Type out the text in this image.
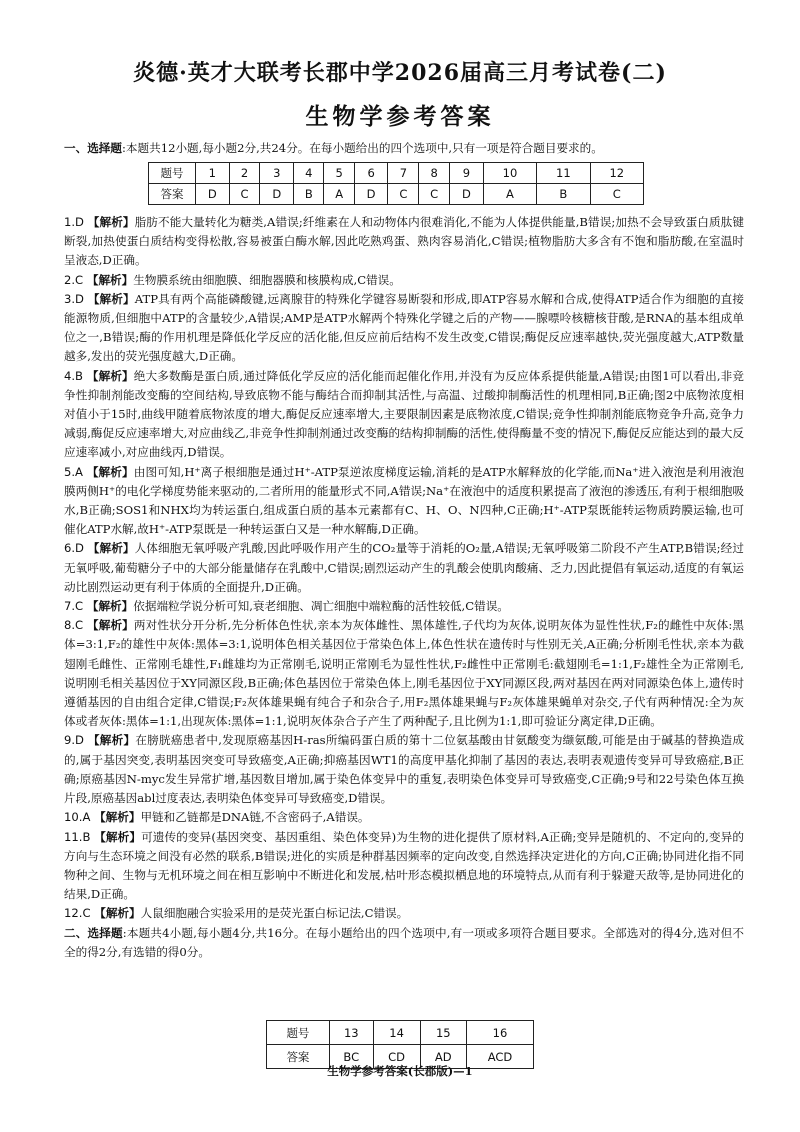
炎德·英才大联考长郡中学2026届高三月考试卷(二)
生物学参考答案
一、选择题:本题共12小题,每小题2分,共24分。在每小题给出的四个选项中,只有一项是符合题目要求的。
题号	1	2	3	4	5	6	7	8	9	10	11	12
答案	D	C	D	B	A	D	C	C	D	A	B	C

1.D 【解析】脂肪不能大量转化为糖类,A错误;纤维素在人和动物体内很难消化,不能为人体提供能量,B错误;加热不会导致蛋白质肽键断裂,加热使蛋白质结构变得松散,容易被蛋白酶水解,因此吃熟鸡蛋、熟肉容易消化,C错误;植物脂肪大多含有不饱和脂肪酸,在室温时呈液态,D正确。

2.C 【解析】生物膜系统由细胞膜、细胞器膜和核膜构成,C错误。

3.D 【解析】ATP具有两个高能磷酸键,远离腺苷的特殊化学键容易断裂和形成,即ATP容易水解和合成,使得ATP适合作为细胞的直接能源物质,但细胞中ATP的含量较少,A错误;AMP是ATP水解两个特殊化学键之后的产物——腺嘌呤核糖核苷酸,是RNA的基本组成单位之一,B错误;酶的作用机理是降低化学反应的活化能,但反应前后结构不发生改变,C错误;酶促反应速率越快,荧光强度越大,ATP数量越多,发出的荧光强度越大,D正确。

4.B 【解析】绝大多数酶是蛋白质,通过降低化学反应的活化能而起催化作用,并没有为反应体系提供能量,A错误;由图1可以看出,非竞争性抑制剂能改变酶的空间结构,导致底物不能与酶结合而抑制其活性,与高温、过酸抑制酶活性的机理相同,B正确;图2中底物浓度相对值小于15时,曲线甲随着底物浓度的增大,酶促反应速率增大,主要限制因素是底物浓度,C错误;竞争性抑制剂能底物竞争升高,竞争力减弱,酶促反应速率增大,对应曲线乙,非竞争性抑制剂通过改变酶的结构抑制酶的活性,使得酶量不变的情况下,酶促反应能达到的最大反应速率减小,对应曲线丙,D错误。

5.A 【解析】由图可知,H⁺离子根细胞是通过H⁺-ATP泵逆浓度梯度运输,消耗的是ATP水解释放的化学能,而Na⁺进入液泡是利用液泡膜两侧H⁺的电化学梯度势能来驱动的,二者所用的能量形式不同,A错误;Na⁺在液泡中的适度积累提高了液泡的渗透压,有利于根细胞吸水,B正确;SOS1和NHX均为转运蛋白,组成蛋白质的基本元素都有C、H、O、N四种,C正确;H⁺-ATP泵既能转运物质跨膜运输,也可催化ATP水解,故H⁺-ATP泵既是一种转运蛋白又是一种水解酶,D正确。

6.D 【解析】人体细胞无氧呼吸产乳酸,因此呼吸作用产生的CO₂量等于消耗的O₂量,A错误;无氧呼吸第二阶段不产生ATP,B错误;经过无氧呼吸,葡萄糖分子中的大部分能量储存在乳酸中,C错误;剧烈运动产生的乳酸会使肌肉酸痛、乏力,因此提倡有氧运动,适度的有氧运动比剧烈运动更有利于体质的全面提升,D正确。

7.C 【解析】依据端粒学说分析可知,衰老细胞、凋亡细胞中端粒酶的活性较低,C错误。

8.C 【解析】两对性状分开分析,先分析体色性状,亲本为灰体雌性、黑体雄性,子代均为灰体,说明灰体为显性性状,F₂的雌性中灰体:黑体=3:1,F₂的雄性中灰体:黑体=3:1,说明体色相关基因位于常染色体上,体色性状在遗传时与性别无关,A正确;分析刚毛性状,亲本为截翅刚毛雌性、正常刚毛雄性,F₁雌雄均为正常刚毛,说明正常刚毛为显性性状,F₂雌性中正常刚毛:截翅刚毛=1:1,F₂雄性全为正常刚毛,说明刚毛相关基因位于XY同源区段,B正确;体色基因位于常染色体上,刚毛基因位于XY同源区段,两对基因在两对同源染色体上,遗传时遵循基因的自由组合定律,C错误;F₂灰体雄果蝇有纯合子和杂合子,用F₂黑体雄果蝇与F₂灰体雄果蝇单对杂交,子代有两种情况:全为灰体或者灰体:黑体=1:1,出现灰体:黑体=1:1,说明灰体杂合子产生了两种配子,且比例为1:1,即可验证分离定律,D正确。

9.D 【解析】在膀胱癌患者中,发现原癌基因H-ras所编码蛋白质的第十二位氨基酸由甘氨酸变为缬氨酸,可能是由于碱基的替换造成的,属于基因突变,表明基因突变可导致癌变,A正确;抑癌基因WT1的高度甲基化抑制了基因的表达,表明表观遗传变异可导致癌症,B正确;原癌基因N-myc发生异常扩增,基因数目增加,属于染色体变异中的重复,表明染色体变异可导致癌变,C正确;9号和22号染色体互换片段,原癌基因abl过度表达,表明染色体变异可导致癌变,D错误。

10.A 【解析】甲链和乙链都是DNA链,不含密码子,A错误。

11.B 【解析】可遗传的变异(基因突变、基因重组、染色体变异)为生物的进化提供了原材料,A正确;变异是随机的、不定向的,变异的方向与生态环境之间没有必然的联系,B错误;进化的实质是种群基因频率的定向改变,自然选择决定进化的方向,C正确;协同进化指不同物种之间、生物与无机环境之间在相互影响中不断进化和发展,枯叶形态模拟栖息地的环境特点,从而有利于躲避天敌等,是协同进化的结果,D正确。

12.C 【解析】人鼠细胞融合实验采用的是荧光蛋白标记法,C错误。

二、选择题:本题共4小题,每小题4分,共16分。在每小题给出的四个选项中,有一项或多项符合题目要求。全部选对的得4分,选对但不全的得2分,有选错的得0分。

题号	13	14	15	16
答案	BC	CD	AD	ACD
生物学参考答案(长郡版)—1
